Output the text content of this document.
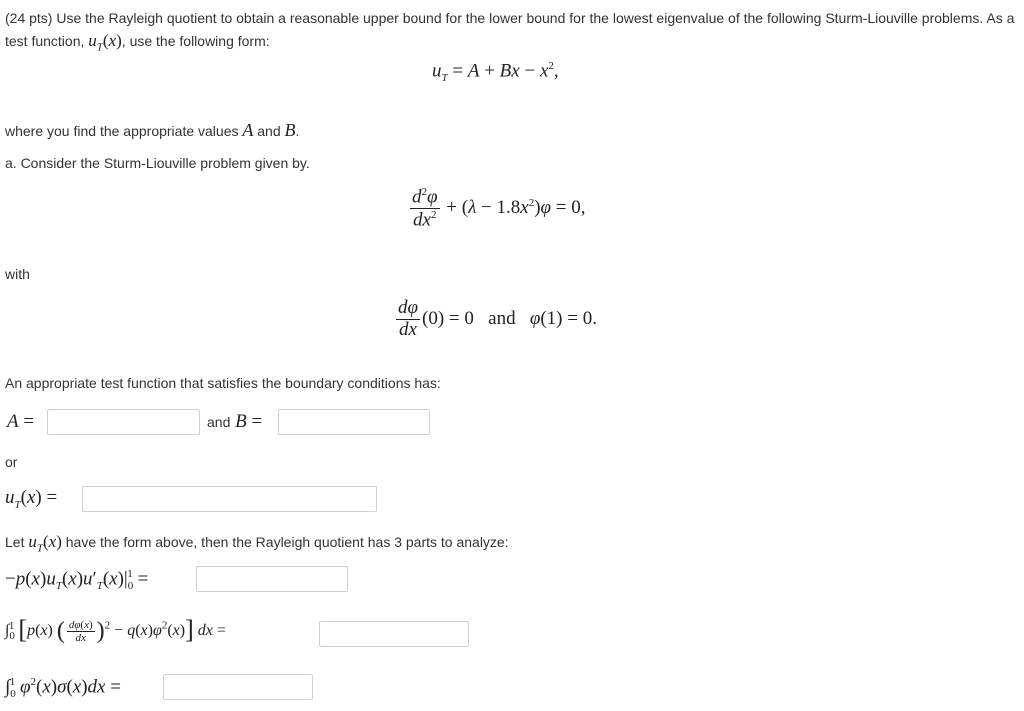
(24 pts) Use the Rayleigh quotient to obtain a reasonable upper bound for the lower bound for the lowest eigenvalue of the following Sturm-Liouville problems. As a
test function, $u_T(x)$, use the following form:
$u_T = A + Bx - x^2$,
where you find the appropriate values A and B.
a. Consider the Sturm-Liouville problem given by.
$\frac{d^2\varphi}{dx^2} + (\lambda - 1.8x^2)\varphi = 0$,
with
$\frac{d\varphi}{dx} (0) = 0$   and   φ(1) = 0.
An appropriate test function that satisfies the boundary conditions has:
A =	and B =
or
$u_T(x)$ =
Let $u_T(x)$ have the form above, then the Rayleigh quotient has 3 parts to analyze:
$-p(x)u_T(x)u'_T(x)|_0^1$ =
$\int_0^1$ [p(x) ( $\frac{d\varphi(x)}{dx} )^2 - q(x)\varphi^2(x)$] dx =
$\int_0^1$ $\varphi^2(x)\sigma(x)dx$ =
